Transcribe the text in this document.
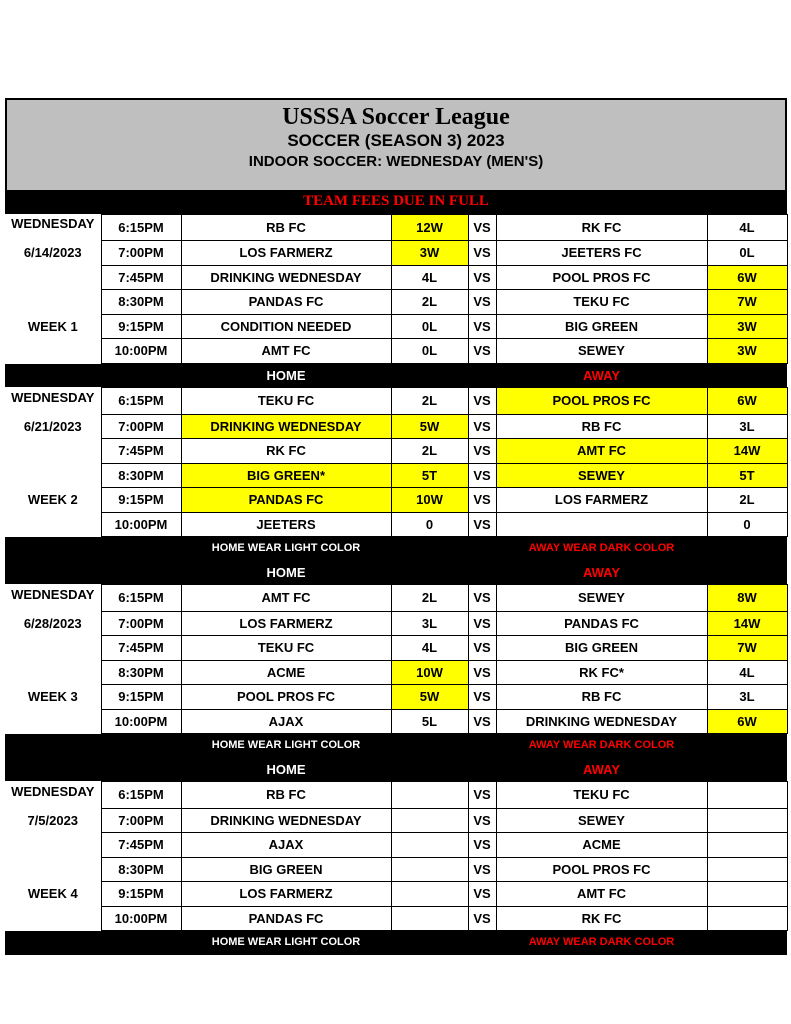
USSSA Soccer League
SOCCER (SEASON 3) 2023
INDOOR SOCCER: WEDNESDAY (MEN'S)
TEAM FEES DUE IN FULL						
WEDNESDAY	6:15PM	RB FC	12W	VS	RK FC	4L
6/14/2023	7:00PM	LOS FARMERZ	3W	VS	JEETERS FC	0L
	7:45PM	DRINKING WEDNESDAY	4L	VS	POOL PROS FC	6W
	8:30PM	PANDAS FC	2L	VS	TEKU FC	7W
WEEK 1	9:15PM	CONDITION NEEDED	0L	VS	BIG GREEN	3W
	10:00PM	AMT FC	0L	VS	SEWEY	3W
		HOME			AWAY	
WEDNESDAY	6:15PM	TEKU FC	2L	VS	POOL PROS FC	6W
6/21/2023	7:00PM	DRINKING WEDNESDAY	5W	VS	RB FC	3L
	7:45PM	RK FC	2L	VS	AMT FC	14W
	8:30PM	BIG GREEN*	5T	VS	SEWEY	5T
WEEK 2	9:15PM	PANDAS FC	10W	VS	LOS FARMERZ	2L
	10:00PM	JEETERS	0	VS		0
		HOME WEAR LIGHT COLOR			AWAY WEAR DARK COLOR	
		HOME			AWAY	
WEDNESDAY	6:15PM	AMT FC	2L	VS	SEWEY	8W
6/28/2023	7:00PM	LOS FARMERZ	3L	VS	PANDAS FC	14W
	7:45PM	TEKU FC	4L	VS	BIG GREEN	7W
	8:30PM	ACME	10W	VS	RK FC*	4L
WEEK 3	9:15PM	POOL PROS FC	5W	VS	RB FC	3L
	10:00PM	AJAX	5L	VS	DRINKING WEDNESDAY	6W
		HOME WEAR LIGHT COLOR			AWAY WEAR DARK COLOR	
		HOME			AWAY	
WEDNESDAY	6:15PM	RB FC		VS	TEKU FC	
7/5/2023	7:00PM	DRINKING WEDNESDAY		VS	SEWEY	
	7:45PM	AJAX		VS	ACME	
	8:30PM	BIG GREEN		VS	POOL PROS FC	
WEEK 4	9:15PM	LOS FARMERZ		VS	AMT FC	
	10:00PM	PANDAS FC		VS	RK FC	
		HOME WEAR LIGHT COLOR			AWAY WEAR DARK COLOR	
